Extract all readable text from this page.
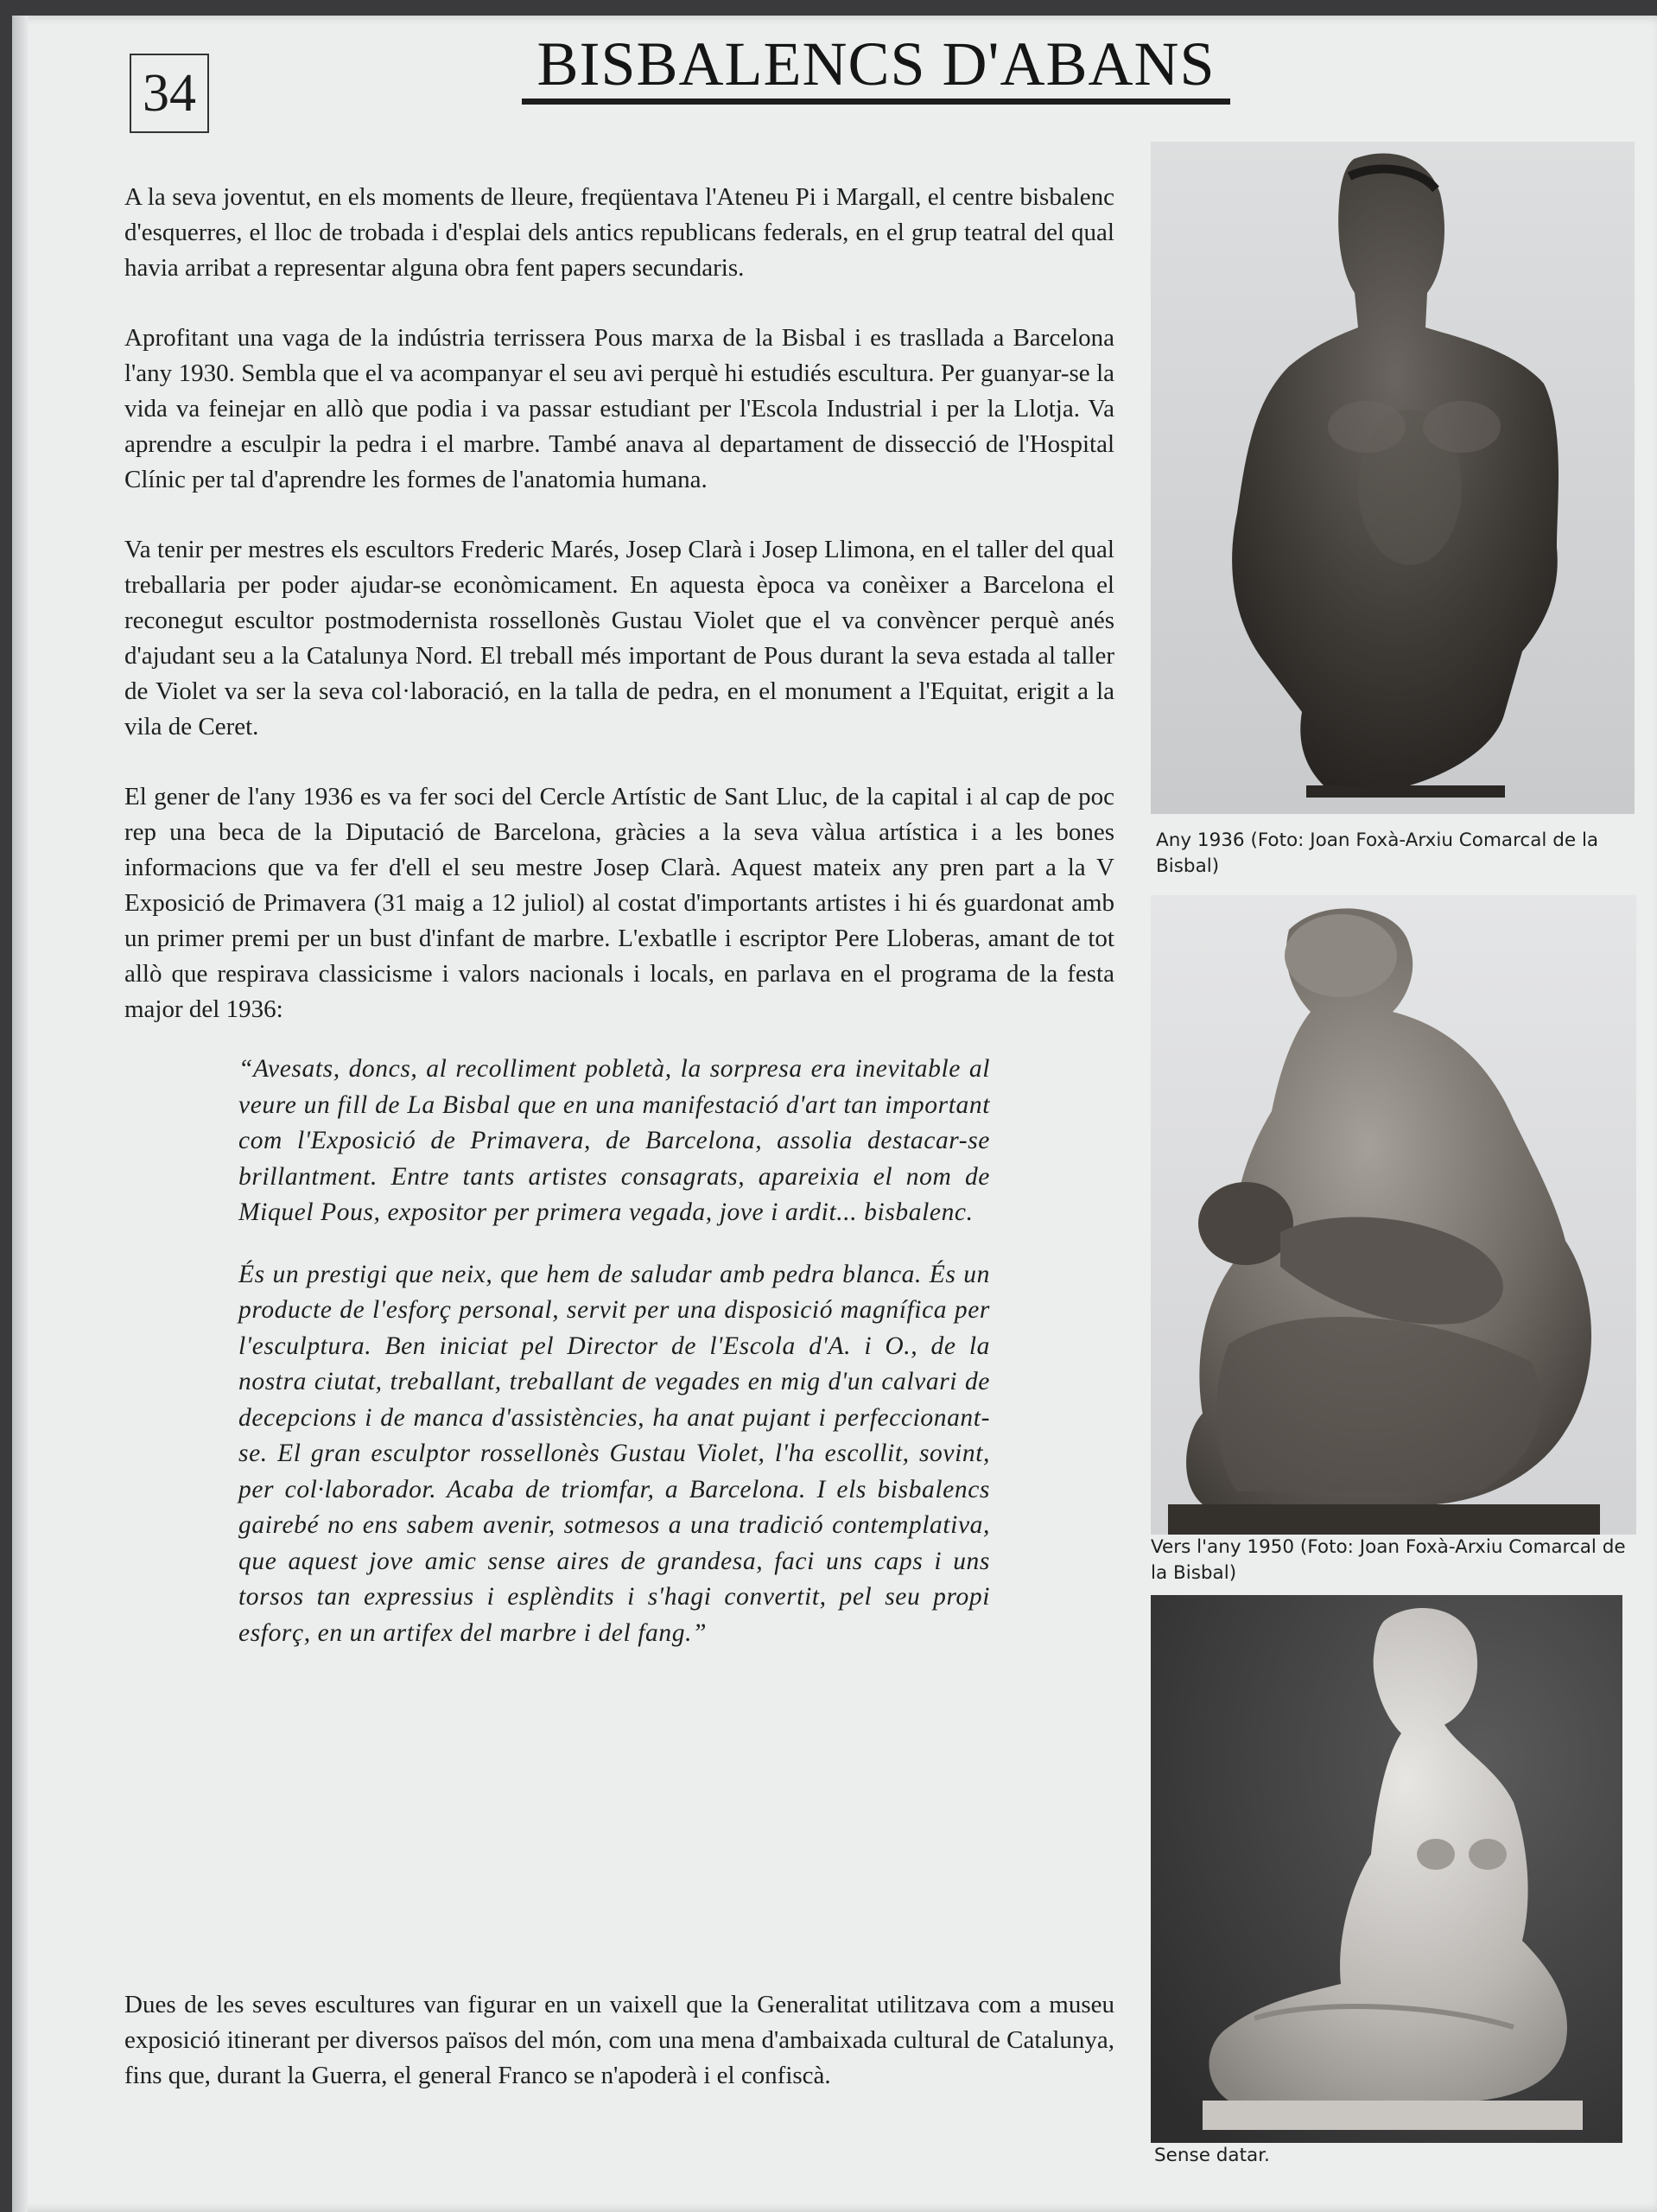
34	BISBALENCS D'ABANS

A la seva joventut, en els moments de lleure, freqüentava l'Ateneu Pi i Margall, el centre bisbalenc d'esquerres, el lloc de trobada i d'esplai dels antics republicans federals, en el grup teatral del qual havia arribat a representar alguna obra fent papers secundaris.

Aprofitant una vaga de la indústria terrissera Pous marxa de la Bisbal i es trasllada a Barcelona l'any 1930. Sembla que el va acompanyar el seu avi perquè hi estudiés escultura. Per guanyar-se la vida va feinejar en allò que podia i va passar estudiant per l'Escola Industrial i per la Llotja. Va aprendre a esculpir la pedra i el marbre. També anava al departament de dissecció de l'Hospital Clínic per tal d'aprendre les formes de l'anatomia humana.

Va tenir per mestres els escultors Frederic Marés, Josep Clarà i Josep Llimona, en el taller del qual treballaria per poder ajudar-se econòmicament. En aquesta època va conèixer a Barcelona el reconegut escultor postmodernista rossellonès Gustau Violet que el va convèncer perquè anés d'ajudant seu a la Catalunya Nord. El treball més important de Pous durant la seva estada al taller de Violet va ser la seva col·laboració, en la talla de pedra, en el monument a l'Equitat, erigit a la vila de Ceret.

El gener de l'any 1936 es va fer soci del Cercle Artístic de Sant Lluc, de la capital i al cap de poc rep una beca de la Diputació de Barcelona, gràcies a la seva vàlua artística i a les bones informacions que va fer d'ell el seu mestre Josep Clarà. Aquest mateix any pren part a la V Exposició de Primavera (31 maig a 12 juliol) al costat d'importants artistes i hi és guardonat amb un primer premi per un bust d'infant de marbre. L'exbatlle i escriptor Pere Lloberas, amant de tot allò que respirava classicisme i valors nacionals i locals, en parlava en el programa de la festa major del 1936:

“Avesats, doncs, al recolliment pobletà, la sorpresa era inevitable al veure un fill de La Bisbal que en una manifestació d'art tan important com l'Exposició de Primavera, de Barcelona, assolia destacar-se brillantment. Entre tants artistes consagrats, apareixia el nom de Miquel Pous, expositor per primera vegada, jove i ardit... bisbalenc.

És un prestigi que neix, que hem de saludar amb pedra blanca. És un producte de l'esforç personal, servit per una disposició magnífica per l'esculptura. Ben iniciat pel Director de l'Escola d'A. i O., de la nostra ciutat, treballant, treballant de vegades en mig d'un calvari de decepcions i de manca d'assistències, ha anat pujant i perfeccionant-se. El gran esculptor rossellonès Gustau Violet, l'ha escollit, sovint, per col·laborador. Acaba de triomfar, a Barcelona. I els bisbalencs gairebé no ens sabem avenir, sotmesos a una tradició contemplativa, que aquest jove amic sense aires de grandesa, faci uns caps i uns torsos tan expressius i esplèndits i s'hagi convertit, pel seu propi esforç, en un artifex del marbre i del fang.”

Dues de les seves escultures van figurar en un vaixell que la Generalitat utilitzava com a museu exposició itinerant per diversos països del món, com una mena d'ambaixada cultural de Catalunya, fins que, durant la Guerra, el general Franco se n'apoderà i el confiscà.
Any 1936 (Foto: Joan Foxà-Arxiu Comarcal de la Bisbal)
Vers l'any 1950 (Foto: Joan Foxà-Arxiu Comarcal de la Bisbal)
Sense datar.
